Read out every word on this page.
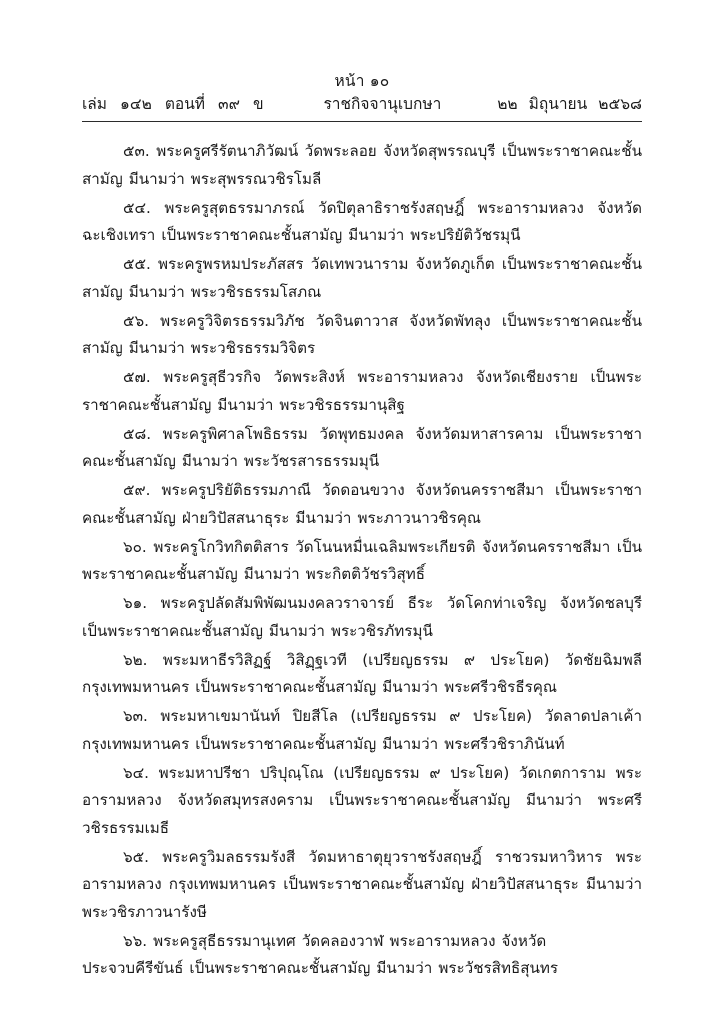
หน้า ๑๐
เล่ม ๑๔๒ ตอนที่ ๓๙ ข	ราชกิจจานุเบกษา	๒๒ มิถุนายน ๒๕๖๘

๕๓. พระครูศรีรัตนาภิวัฒน์ วัดพระลอย จังหวัดสุพรรณบุรี เป็นพระราชาคณะชั้นสามัญ มีนามว่า พระสุพรรณวชิรโมลี

๕๔. พระครูสุตธรรมาภรณ์ วัดปิตุลาธิราชรังสฤษฎิ์ พระอารามหลวง จังหวัดฉะเชิงเทรา เป็นพระราชาคณะชั้นสามัญ มีนามว่า พระปริยัติวัชรมุนี

๕๕. พระครูพรหมประภัสสร วัดเทพวนาราม จังหวัดภูเก็ต เป็นพระราชาคณะชั้นสามัญ มีนามว่า พระวชิรธรรมโสภณ

๕๖. พระครูวิจิตรธรรมวิภัช วัดจินตาวาส จังหวัดพัทลุง เป็นพระราชาคณะชั้นสามัญ มีนามว่า พระวชิรธรรมวิจิตร

๕๗. พระครูสุธีวรกิจ วัดพระสิงห์ พระอารามหลวง จังหวัดเชียงราย เป็นพระราชาคณะชั้นสามัญ มีนามว่า พระวชิรธรรมานุสิฐ

๕๘. พระครูพิศาลโพธิธรรม วัดพุทธมงคล จังหวัดมหาสารคาม เป็นพระราชาคณะชั้นสามัญ มีนามว่า พระวัชรสารธรรมมุนี

๕๙. พระครูปริยัติธรรมภาณี วัดดอนขวาง จังหวัดนครราชสีมา เป็นพระราชาคณะชั้นสามัญ ฝ่ายวิปัสสนาธุระ มีนามว่า พระภาวนาวชิรคุณ

๖๐. พระครูโกวิทกิตติสาร วัดโนนหมื่นเฉลิมพระเกียรติ จังหวัดนครราชสีมา เป็นพระราชาคณะชั้นสามัญ มีนามว่า พระกิตติวัชรวิสุทธิ์

๖๑. พระครูปลัดสัมพิพัฒนมงคลวราจารย์ ธีระ วัดโคกท่าเจริญ จังหวัดชลบุรี เป็นพระราชาคณะชั้นสามัญ มีนามว่า พระวชิรภัทรมุนี

๖๒. พระมหาธีรวิสิฏฐ์ วิสิฏฺฐเวที (เปรียญธรรม ๙ ประโยค) วัดชัยฉิมพลี กรุงเทพมหานคร เป็นพระราชาคณะชั้นสามัญ มีนามว่า พระศรีวชิรธีรคุณ

๖๓. พระมหาเขมานันท์ ปิยสีโล (เปรียญธรรม ๙ ประโยค) วัดลาดปลาเค้า กรุงเทพมหานคร เป็นพระราชาคณะชั้นสามัญ มีนามว่า พระศรีวชิราภินันท์

๖๔. พระมหาปรีชา ปริปุณฺโณ (เปรียญธรรม ๙ ประโยค) วัดเกตการาม พระอารามหลวง จังหวัดสมุทรสงคราม เป็นพระราชาคณะชั้นสามัญ มีนามว่า พระศรีวชิรธรรมเมธี

๖๕. พระครูวิมลธรรมรังสี วัดมหาธาตุยุวราชรังสฤษฎิ์ ราชวรมหาวิหาร พระอารามหลวง กรุงเทพมหานคร เป็นพระราชาคณะชั้นสามัญ ฝ่ายวิปัสสนาธุระ มีนามว่า พระวชิรภาวนารังษี

๖๖. พระครูสุธีธรรมานุเทศ วัดคลองวาฬ พระอารามหลวง จังหวัดประจวบคีรีขันธ์ เป็นพระราชาคณะชั้นสามัญ มีนามว่า พระวัชรสิทธิสุนทร
